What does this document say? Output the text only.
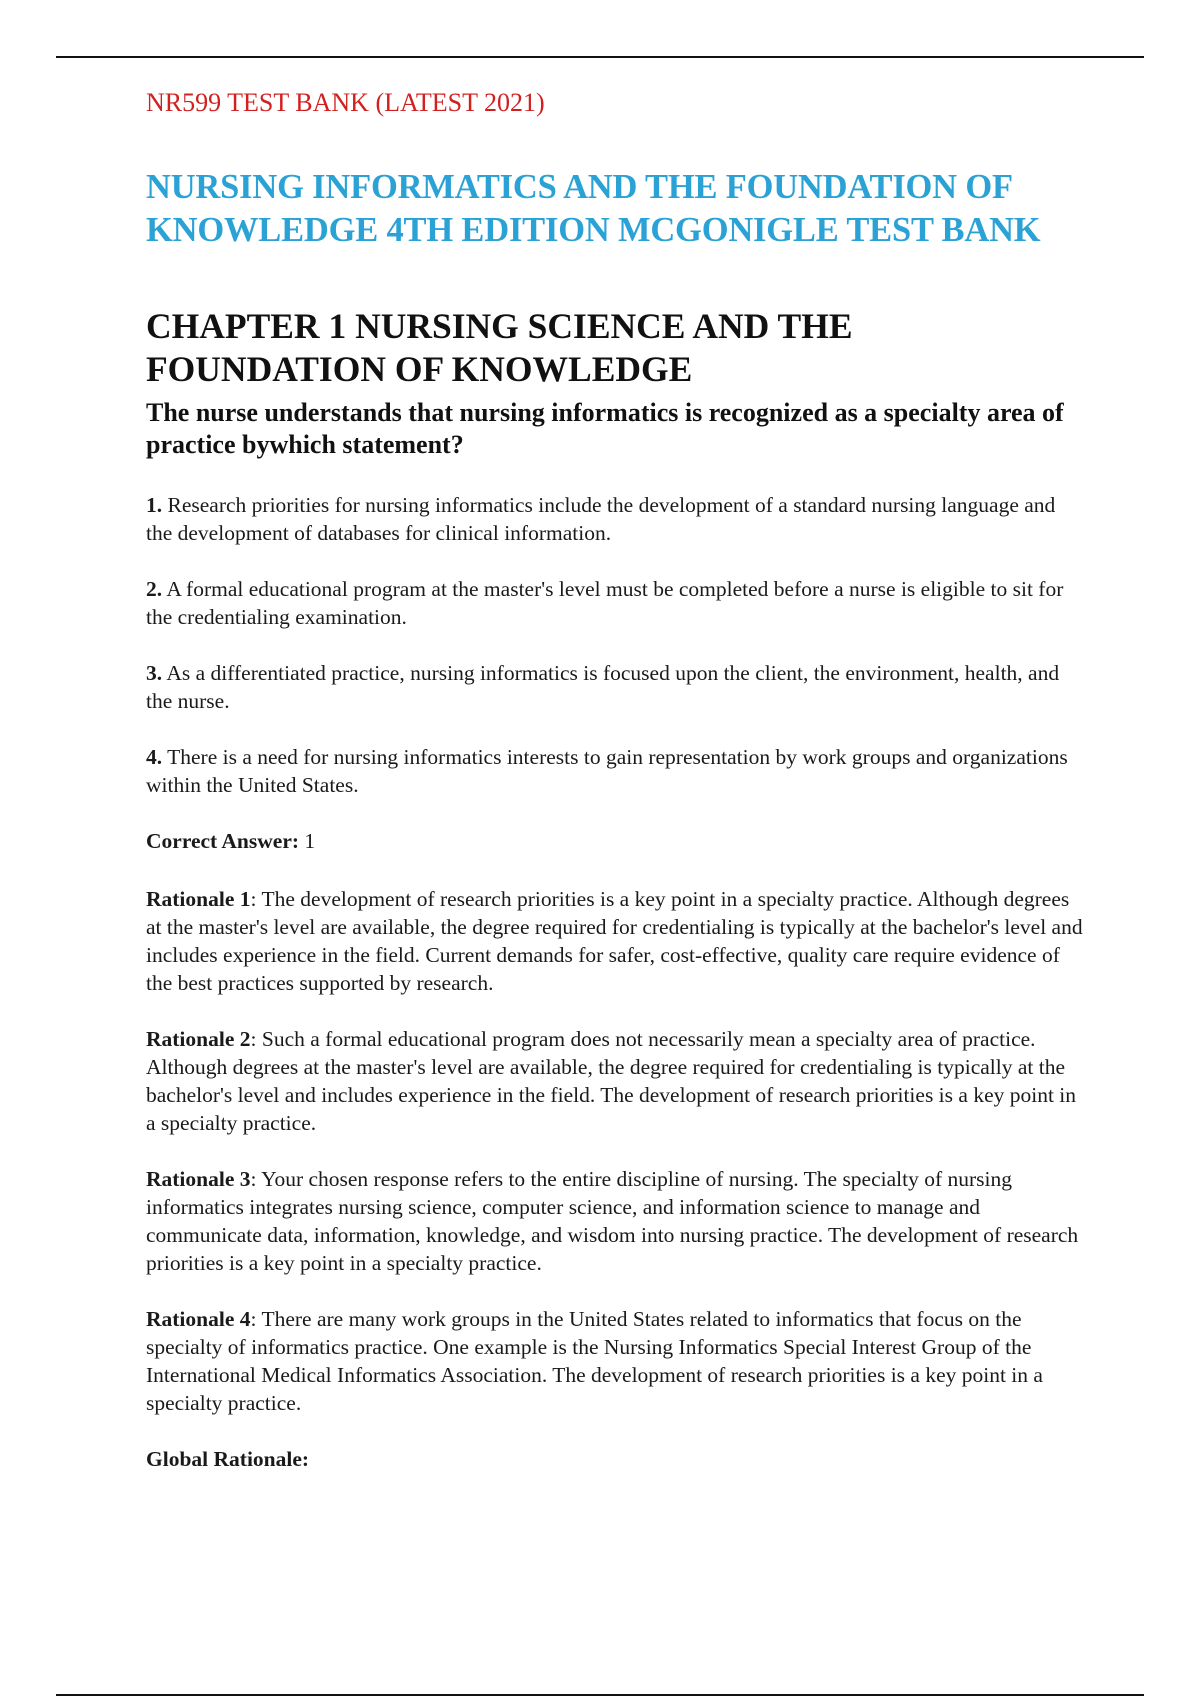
NR599 TEST BANK (LATEST 2021)
NURSING INFORMATICS AND THE FOUNDATION OF KNOWLEDGE 4TH EDITION MCGONIGLE TEST BANK
CHAPTER 1 NURSING SCIENCE AND THE FOUNDATION OF KNOWLEDGE

The nurse understands that nursing informatics is recognized as a specialty area of practice bywhich statement?

1. Research priorities for nursing informatics include the development of a standard nursing language and the development of databases for clinical information.
2. A formal educational program at the master's level must be completed before a nurse is eligible to sit for the credentialing examination.
3. As a differentiated practice, nursing informatics is focused upon the client, the environment, health, and the nurse.
4. There is a need for nursing informatics interests to gain representation by work groups and organizations within the United States.

Correct Answer: 1

Rationale 1: The development of research priorities is a key point in a specialty practice. Although degrees at the master's level are available, the degree required for credentialing is typically at the bachelor's level and includes experience in the field. Current demands for safer, cost-effective, quality care require evidence of the best practices supported by research.

Rationale 2: Such a formal educational program does not necessarily mean a specialty area of practice. Although degrees at the master's level are available, the degree required for credentialing is typically at the bachelor's level and includes experience in the field. The development of research priorities is a key point in a specialty practice.

Rationale 3: Your chosen response refers to the entire discipline of nursing. The specialty of nursing informatics integrates nursing science, computer science, and information science to manage and communicate data, information, knowledge, and wisdom into nursing practice. The development of research priorities is a key point in a specialty practice.

Rationale 4: There are many work groups in the United States related to informatics that focus on the specialty of informatics practice. One example is the Nursing Informatics Special Interest Group of the International Medical Informatics Association. The development of research priorities is a key point in a specialty practice.

Global Rationale:
